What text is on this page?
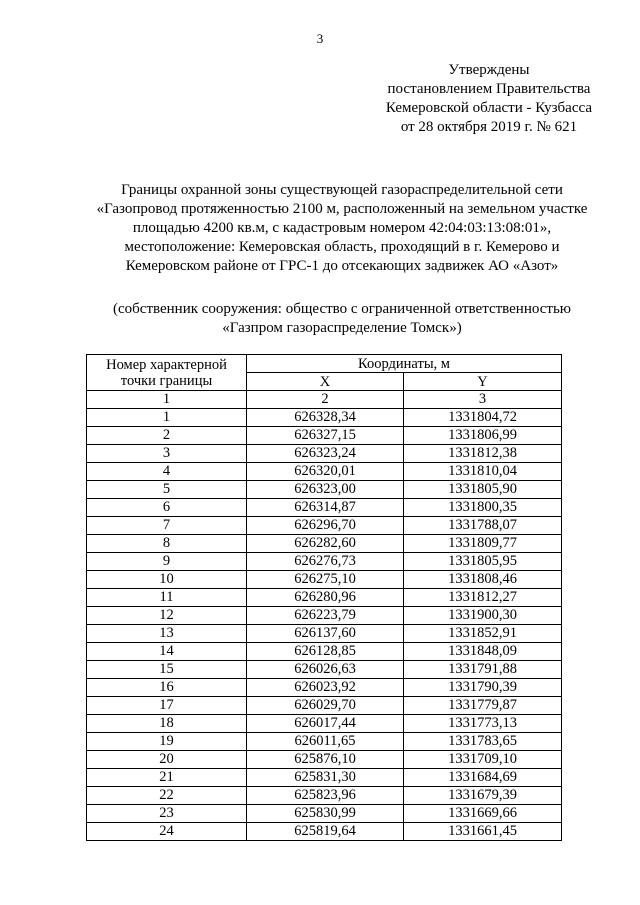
3
Утверждены
постановлением Правительства
Кемеровской области - Кузбасса
от 28 октября 2019 г. № 621
Границы охранной зоны существующей газораспределительной сети
«Газопровод протяженностью 2100 м, расположенный на земельном участке
площадью 4200 кв.м, с кадастровым номером 42:04:03:13:08:01»,
местоположение: Кемеровская область, проходящий в г. Кемерово и
Кемеровском районе от ГРС-1 до отсекающих задвижек АО «Азот»
(собственник сооружения: общество с ограниченной ответственностью
«Газпром газораспределение Томск»)
Номер характерной
точки границы	Координаты, м	
	X	Y
1	2	3
1	626328,34	1331804,72
2	626327,15	1331806,99
3	626323,24	1331812,38
4	626320,01	1331810,04
5	626323,00	1331805,90
6	626314,87	1331800,35
7	626296,70	1331788,07
8	626282,60	1331809,77
9	626276,73	1331805,95
10	626275,10	1331808,46
11	626280,96	1331812,27
12	626223,79	1331900,30
13	626137,60	1331852,91
14	626128,85	1331848,09
15	626026,63	1331791,88
16	626023,92	1331790,39
17	626029,70	1331779,87
18	626017,44	1331773,13
19	626011,65	1331783,65
20	625876,10	1331709,10
21	625831,30	1331684,69
22	625823,96	1331679,39
23	625830,99	1331669,66
24	625819,64	1331661,45
